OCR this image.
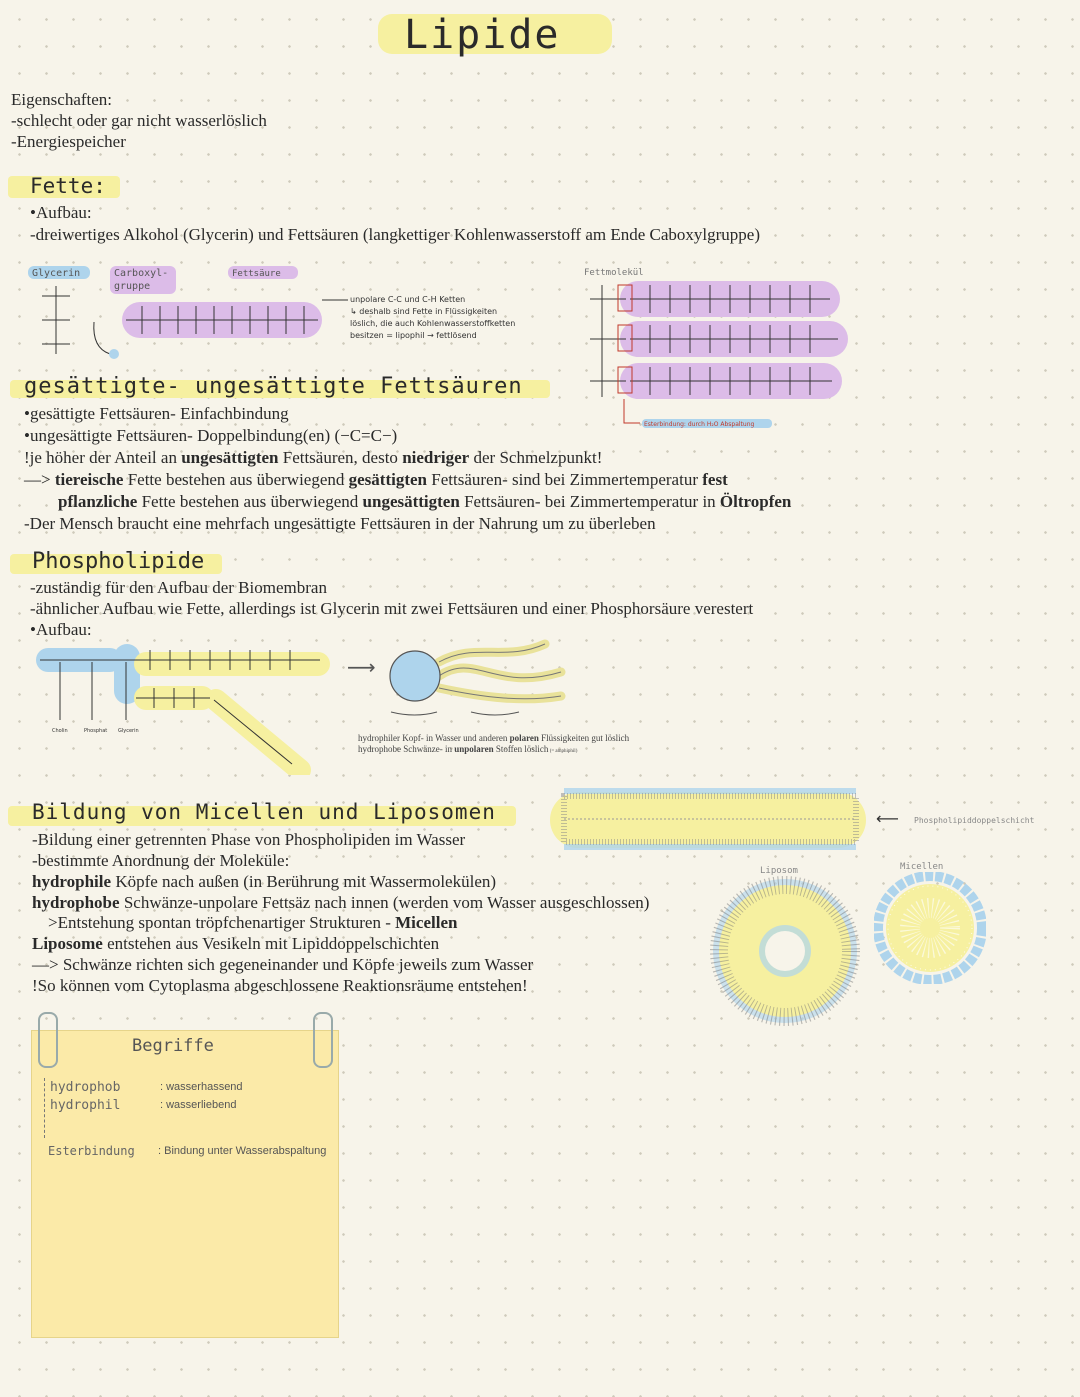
Lipide
Eigenschaften:
-schlecht oder gar nicht wasserlöslich
-Energiespeicher
Fette:
•Aufbau:
-dreiwertiges Alkohol (Glycerin) und Fettsäuren (langkettiger Kohlenwasserstoff am Ende Caboxylgruppe)
Glycerin	Carboxyl-
gruppe
Fettsäure
unpolare C-C und C-H Ketten
↳ deshalb sind Fette in Flüssigkeiten
löslich, die auch Kohlenwasserstoffketten
besitzen = lipophil → fettlösend
Fettmolekül
Esterbindung: durch H₂O Abspaltung
gesättigte- ungesättigte Fettsäuren
•gesättigte Fettsäuren- Einfachbindung
•ungesättigte Fettsäuren- Doppelbindung(en) (−C=C−)
!je höher der Anteil an ungesättigten Fettsäuren, desto niedriger der Schmelzpunkt!
—> tiereische Fette bestehen aus überwiegend gesättigten Fettsäuren- sind bei Zimmertemperatur fest
pflanzliche Fette bestehen aus überwiegend ungesättigten Fettsäuren- bei Zimmertemperatur in Öltropfen
-Der Mensch braucht eine mehrfach ungesättigte Fettsäuren in der Nahrung um zu überleben
Phospholipide
-zuständig für den Aufbau der Biomembran
-ähnlicher Aufbau wie Fette, allerdings ist Glycerin mit zwei Fettsäuren und einer Phosphorsäure verestert
•Aufbau:
Cholin	Phosphat Glycerin
⟶
hydrophiler Kopf- in Wasser und anderen polaren Flüssigkeiten gut löslich
hydrophobe Schwänze- in unpolaren Stoffen löslich (= amphiphil)
Bildung von Micellen und Liposomen
-Bildung einer getrennten Phase von Phospholipiden im Wasser
-bestimmte Anordnung der Moleküle:
hydrophile Köpfe nach außen (in Berührung mit Wassermolekülen)
hydrophobe Schwänze-unpolare Fettsäz nach innen (werden vom Wasser ausgeschlossen)
>Entstehung spontan tröpfchenartiger Strukturen - Micellen
Liposome entstehen aus Vesikeln mit Lipiddoppelschichten
—> Schwänze richten sich gegeneinander und Köpfe jeweils zum Wasser
!So können vom Cytoplasma abgeschlossene Reaktionsräume entstehen!
⟵ Phospholipiddoppelschicht
Liposom	Micellen
Begriffe
hydrophob	: wasserhassend
hydrophil	: wasserliebend
Esterbindung : Bindung unter Wasserabspaltung
